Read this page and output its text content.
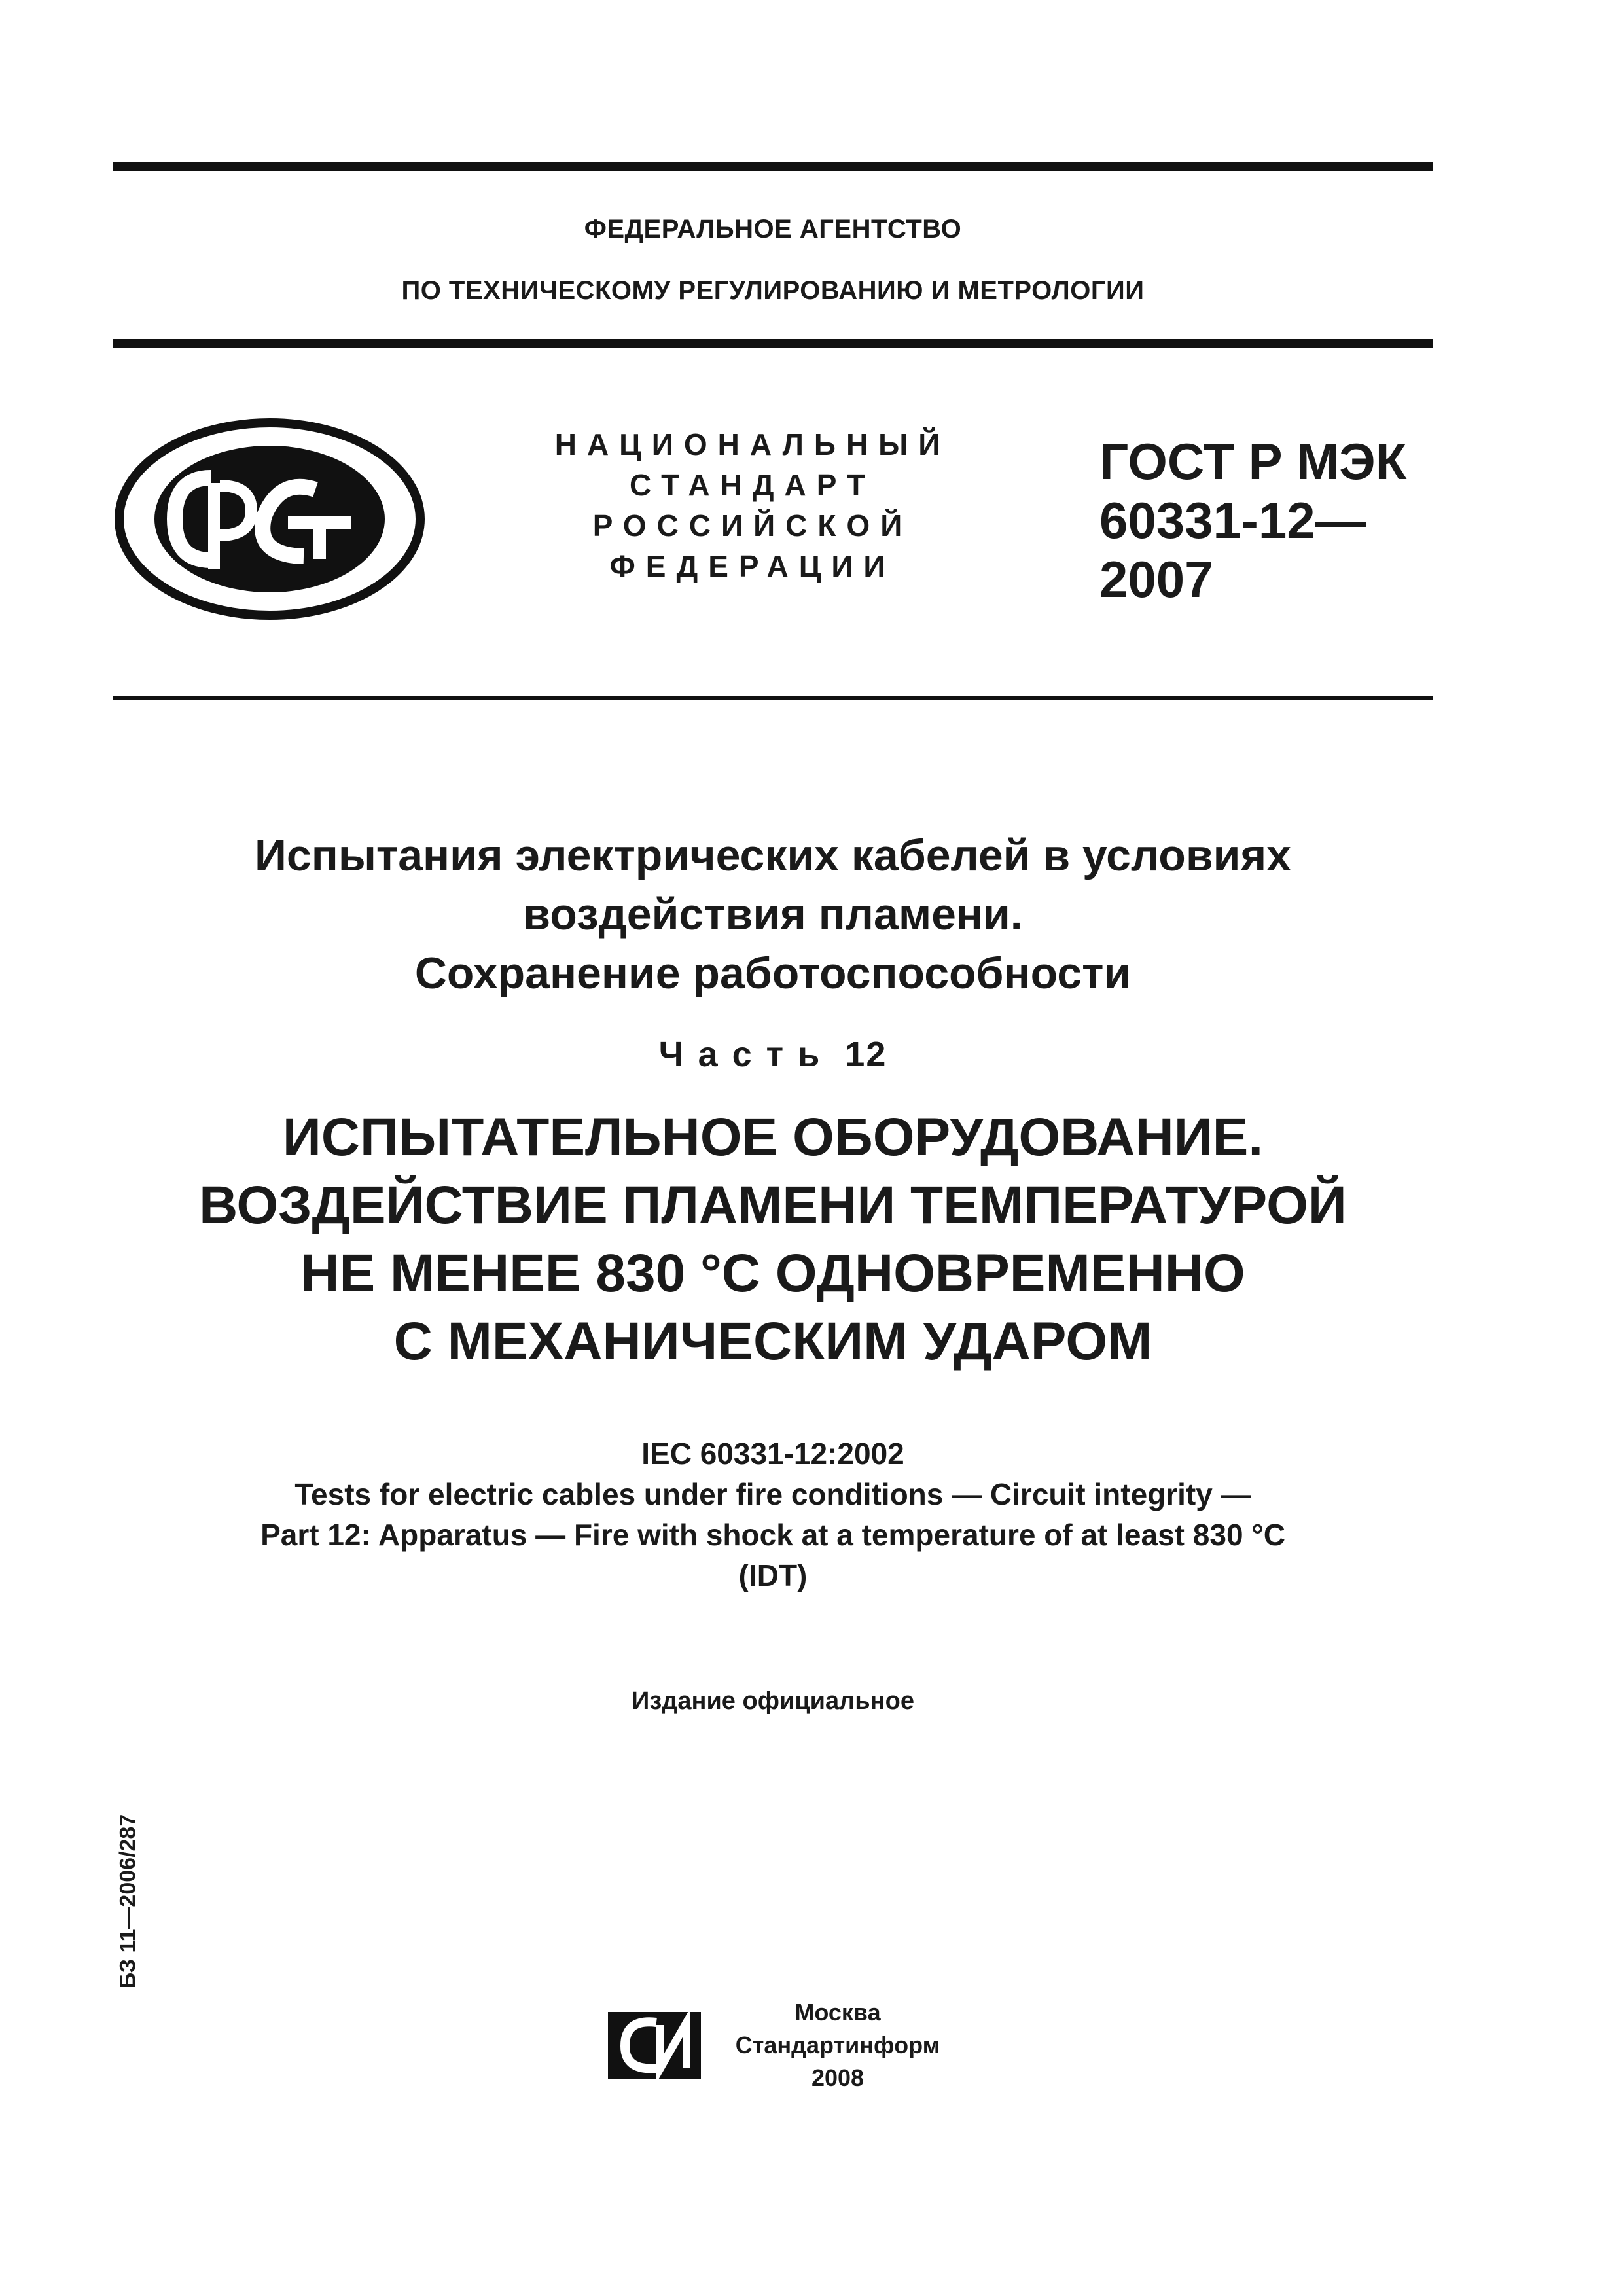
ФЕДЕРАЛЬНОЕ АГЕНТСТВО
ПО ТЕХНИЧЕСКОМУ РЕГУЛИРОВАНИЮ И МЕТРОЛОГИИ
НАЦИОНАЛЬНЫЙ
СТАНДАРТ
РОССИЙСКОЙ
ФЕДЕРАЦИИ
ГОСТ Р МЭК
60331-12—
2007
Испытания электрических кабелей в условиях
воздействия пламени.
Сохранение работоспособности
Часть 12
ИСПЫТАТЕЛЬНОЕ ОБОРУДОВАНИЕ.
ВОЗДЕЙСТВИЕ ПЛАМЕНИ ТЕМПЕРАТУРОЙ
НЕ МЕНЕЕ 830 °С ОДНОВРЕМЕННО
С МЕХАНИЧЕСКИМ УДАРОМ
IEC 60331-12:2002
Tests for electric cables under fire conditions — Circuit integrity —
Part 12: Apparatus — Fire with shock at a temperature of at least 830 °C
(IDT)
Издание официальное
БЗ 11—2006/287
Москва
Стандартинформ
2008
